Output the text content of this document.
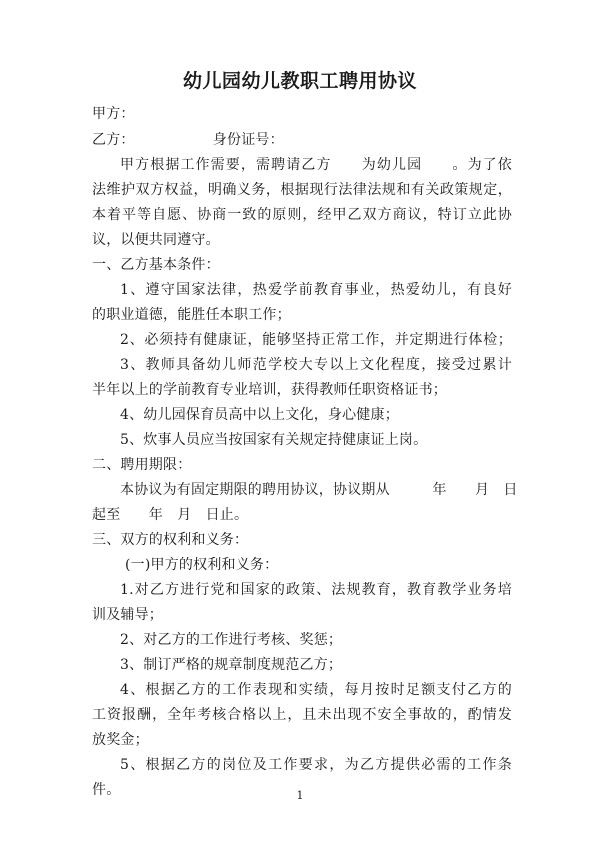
幼儿园幼儿教职工聘用协议
甲方：
乙方：　　　　　　身份证号：
甲方根据工作需要，需聘请乙方　　为幼儿园　　。为了依
法维护双方权益，明确义务，根据现行法律法规和有关政策规定，
本着平等自愿、协商一致的原则，经甲乙双方商议，特订立此协
议，以便共同遵守。
一、乙方基本条件：
1、遵守国家法律，热爱学前教育事业，热爱幼儿，有良好
的职业道德，能胜任本职工作；
2、必须持有健康证，能够坚持正常工作，并定期进行体检；
3、教师具备幼儿师范学校大专以上文化程度，接受过累计
半年以上的学前教育专业培训，获得教师任职资格证书；
4、幼儿园保育员高中以上文化，身心健康；
5、炊事人员应当按国家有关规定持健康证上岗。
二、聘用期限：
本协议为有固定期限的聘用协议，协议期从　　　年　　月　日
起至　　年　月　日止。
三、双方的权利和义务：
(一)甲方的权利和义务：
1.对乙方进行党和国家的政策、法规教育，教育教学业务培
训及辅导；
2、对乙方的工作进行考核、奖惩；
3、制订严格的规章制度规范乙方；
4、根据乙方的工作表现和实绩，每月按时足额支付乙方的
工资报酬，全年考核合格以上，且未出现不安全事故的，酌情发
放奖金；
5、根据乙方的岗位及工作要求，为乙方提供必需的工作条
件。	1
